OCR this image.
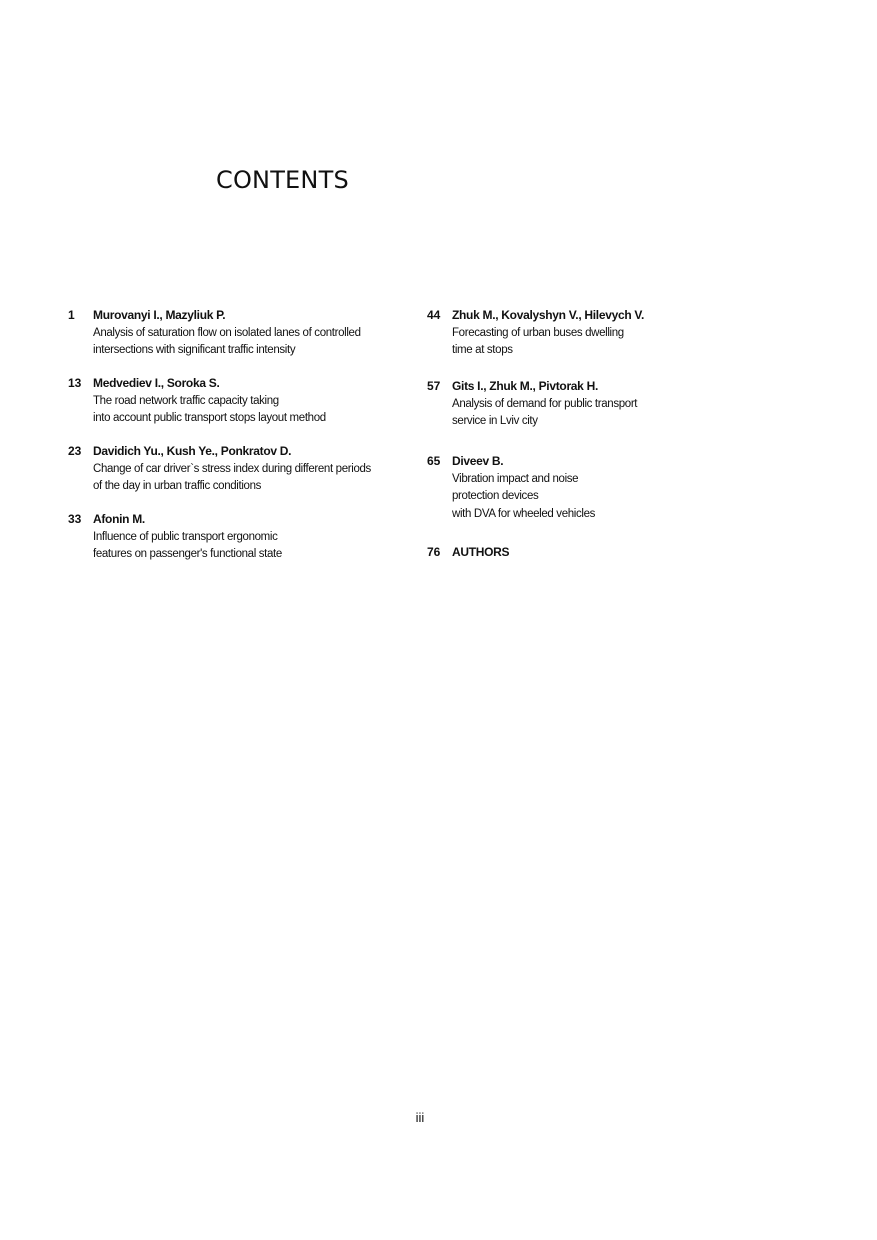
CONTENTS
1 Murovanyi I., Mazyliuk P.
Analysis of saturation flow on isolated lanes of controlled
intersections with significant traffic intensity
13 Medvediev I., Soroka S.
The road network traffic capacity taking
into account public transport stops layout method
23 Davidich Yu., Kush Ye., Ponkratov D.
Change of car driver`s stress index during different periods
of the day in urban traffic conditions
33 Afonin M.
Influence of public transport ergonomic
features on passenger's functional state
44 Zhuk M., Kovalyshyn V., Hilevych V.
Forecasting of urban buses dwelling
time at stops
57 Gits I., Zhuk M., Pivtorak H.
Analysis of demand for public transport
service in Lviv city
65 Diveev B.
Vibration impact and noise
protection devices
with DVA for wheeled vehicles
76 AUTHORS
iii
